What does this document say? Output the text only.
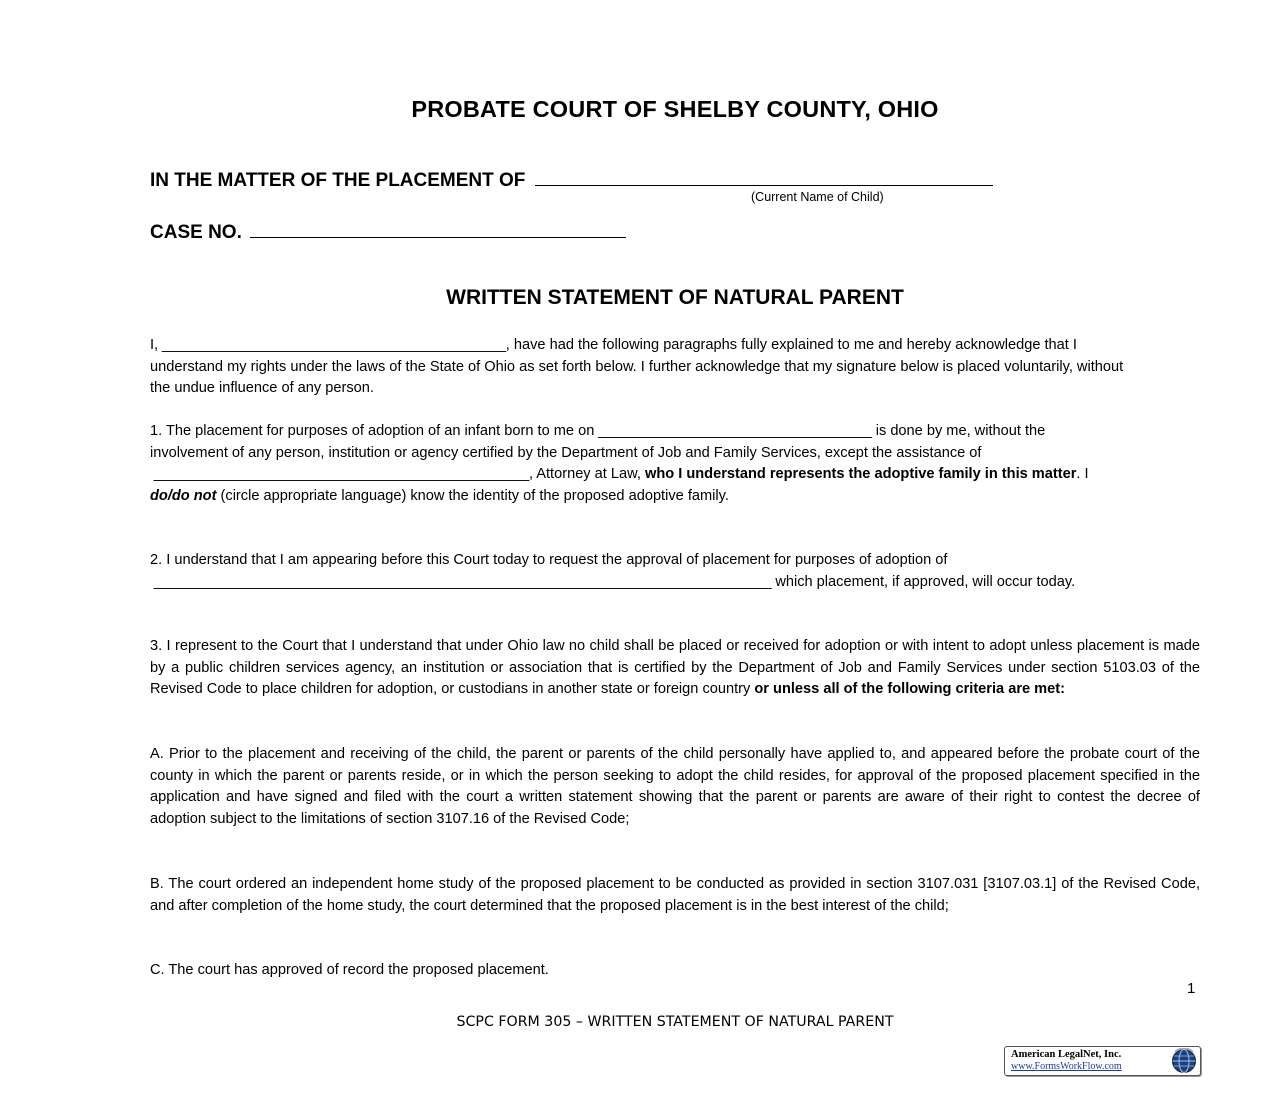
PROBATE COURT OF SHELBY COUNTY, OHIO
IN THE MATTER OF THE PLACEMENT OF
(Current Name of Child)
CASE NO.
WRITTEN STATEMENT OF NATURAL PARENT

I, ____________________________________________, have had the following paragraphs fully explained to me and hereby acknowledge that I understand my rights under the laws of the State of Ohio as set forth below. I further acknowledge that my signature below is placed voluntarily, without the undue influence of any person.

1. The placement for purposes of adoption of an infant born to me on ___________________________________ is done by me, without the involvement of any person, institution or agency certified by the Department of Job and Family Services, except the assistance of ________________________________________________, Attorney at Law, who I understand represents the adoptive family in this matter. I do/do not (circle appropriate language) know the identity of the proposed adoptive family.

2. I understand that I am appearing before this Court today to request the approval of placement for purposes of adoption of _______________________________________________________________________________ which placement, if approved, will occur today.

3. I represent to the Court that I understand that under Ohio law no child shall be placed or received for adoption or with intent to adopt unless placement is made by a public children services agency, an institution or association that is certified by the Department of Job and Family Services under section 5103.03 of the Revised Code to place children for adoption, or custodians in another state or foreign country or unless all of the following criteria are met:

A. Prior to the placement and receiving of the child, the parent or parents of the child personally have applied to, and appeared before the probate court of the county in which the parent or parents reside, or in which the person seeking to adopt the child resides, for approval of the proposed placement specified in the application and have signed and filed with the court a written statement showing that the parent or parents are aware of their right to contest the decree of adoption subject to the limitations of section 3107.16 of the Revised Code;

B. The court ordered an independent home study of the proposed placement to be conducted as provided in section 3107.031 [3107.03.1] of the Revised Code, and after completion of the home study, the court determined that the proposed placement is in the best interest of the child;

C. The court has approved of record the proposed placement.

1
SCPC FORM 305 – WRITTEN STATEMENT OF NATURAL PARENT
American LegalNet, Inc.
www.FormsWorkFlow.com
